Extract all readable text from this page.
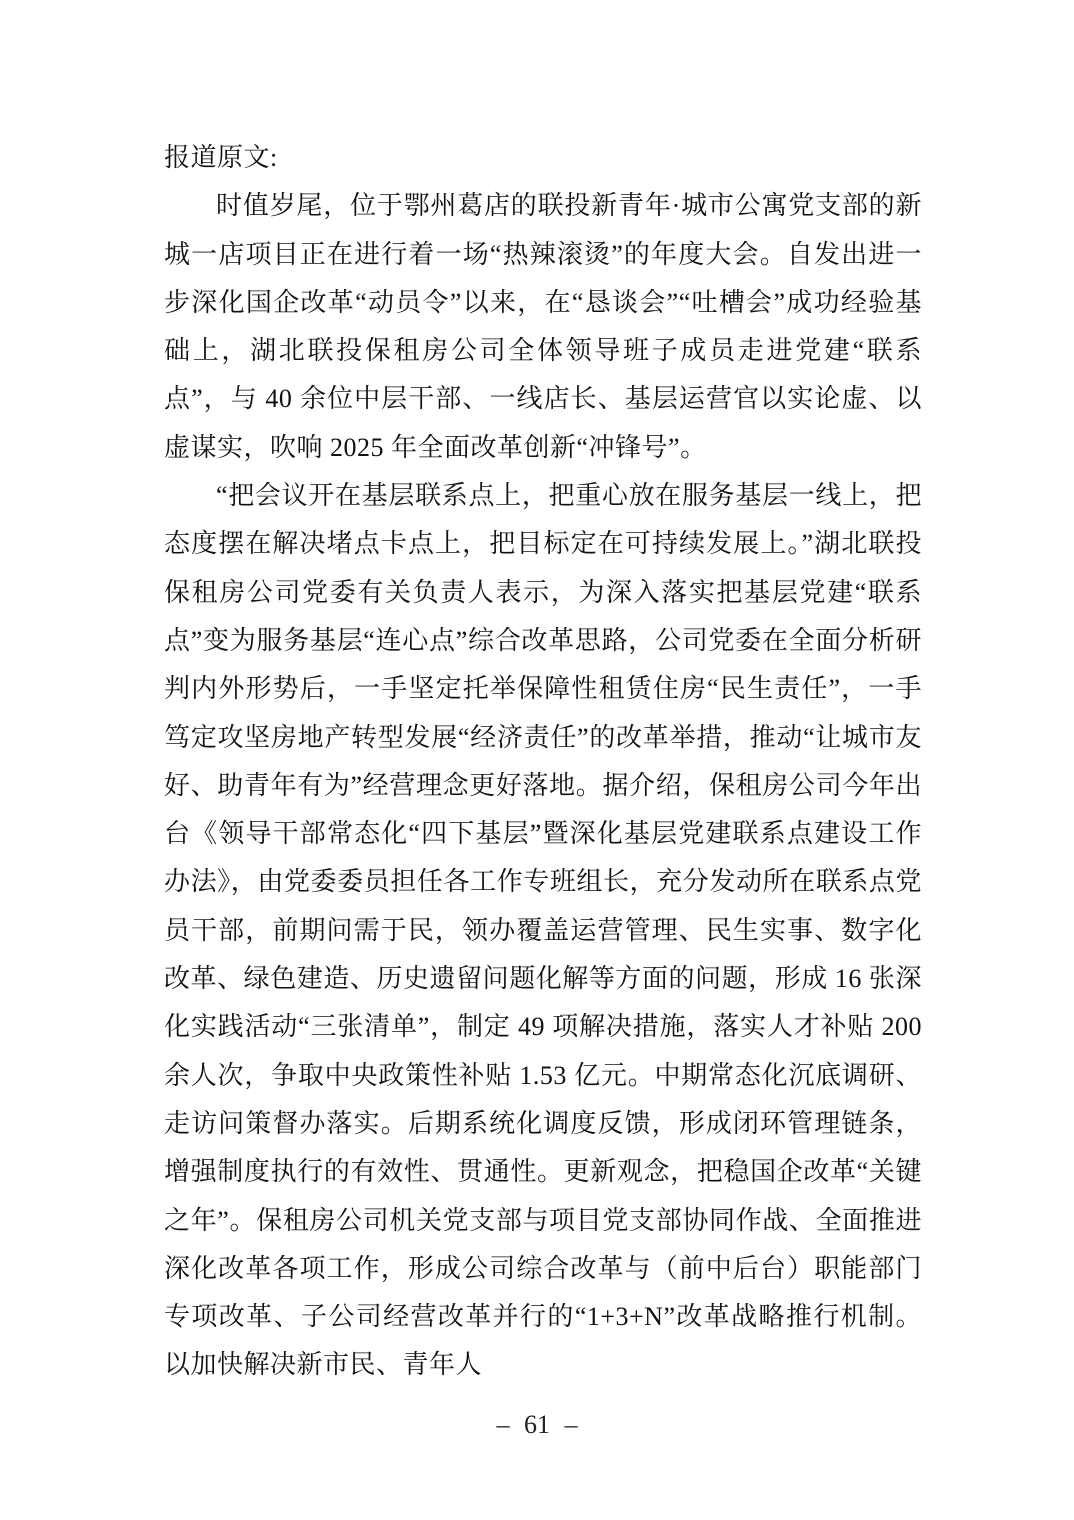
报道原文:

时值岁尾，位于鄂州葛店的联投新青年·城市公寓党支部的新城一店项目正在进行着一场“热辣滚烫”的年度大会。自发出进一步深化国企改革“动员令”以来，在“恳谈会”“吐槽会”成功经验基础上，湖北联投保租房公司全体领导班子成员走进党建“联系点”，与 40 余位中层干部、一线店长、基层运营官以实论虚、以虚谋实，吹响 2025 年全面改革创新“冲锋号”。

“把会议开在基层联系点上，把重心放在服务基层一线上，把态度摆在解决堵点卡点上，把目标定在可持续发展上。”湖北联投保租房公司党委有关负责人表示，为深入落实把基层党建“联系点”变为服务基层“连心点”综合改革思路，公司党委在全面分析研判内外形势后，一手坚定托举保障性租赁住房“民生责任”，一手笃定攻坚房地产转型发展“经济责任”的改革举措，推动“让城市友好、助青年有为”经营理念更好落地。据介绍，保租房公司今年出台《领导干部常态化“四下基层”暨深化基层党建联系点建设工作办法》，由党委委员担任各工作专班组长，充分发动所在联系点党员干部，前期问需于民，领办覆盖运营管理、民生实事、数字化改革、绿色建造、历史遗留问题化解等方面的问题，形成 16 张深化实践活动“三张清单”，制定 49 项解决措施，落实人才补贴 200 余人次，争取中央政策性补贴 1.53 亿元。中期常态化沉底调研、走访问策督办落实。后期系统化调度反馈，形成闭环管理链条，增强制度执行的有效性、贯通性。更新观念，把稳国企改革“关键之年”。保租房公司机关党支部与项目党支部协同作战、全面推进深化改革各项工作，形成公司综合改革与（前中后台）职能部门专项改革、子公司经营改革并行的“1+3+N”改革战略推行机制。以加快解决新市民、青年人

– 61 –
